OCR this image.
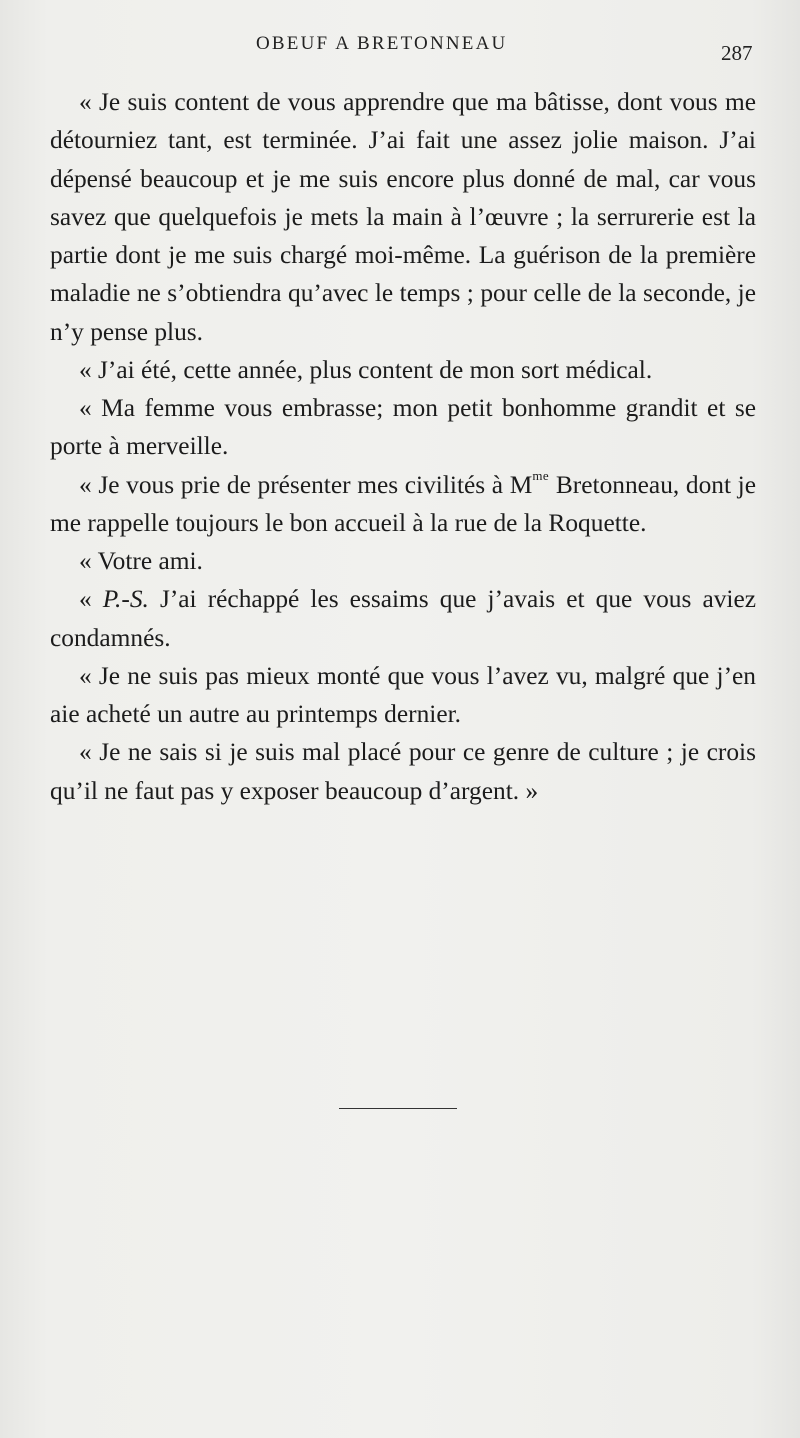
OBEUF A BRETONNEAU	287

« Je suis content de vous apprendre que ma bâtisse, dont vous me détourniez tant, est terminée. J’ai fait une assez jolie maison. J’ai dépensé beaucoup et je me suis encore plus donné de mal, car vous savez que quelquefois je mets la main à l’œuvre ; la serrurerie est la partie dont je me suis chargé moi-même. La guérison de la première maladie ne s’obtiendra qu’avec le temps ; pour celle de la seconde, je n’y pense plus.

« J’ai été, cette année, plus content de mon sort médical.

« Ma femme vous embrasse; mon petit bonhomme grandit et se porte à merveille.

« Je vous prie de présenter mes civilités à $M^{me}$ Bretonneau, dont je me rappelle toujours le bon accueil à la rue de la Roquette.

« Votre ami.

« P.-S. J’ai réchappé les essaims que j’avais et que vous aviez condamnés.

« Je ne suis pas mieux monté que vous l’avez vu, malgré que j’en aie acheté un autre au printemps dernier.

« Je ne sais si je suis mal placé pour ce genre de culture ; je crois qu’il ne faut pas y exposer beaucoup d’argent. »
